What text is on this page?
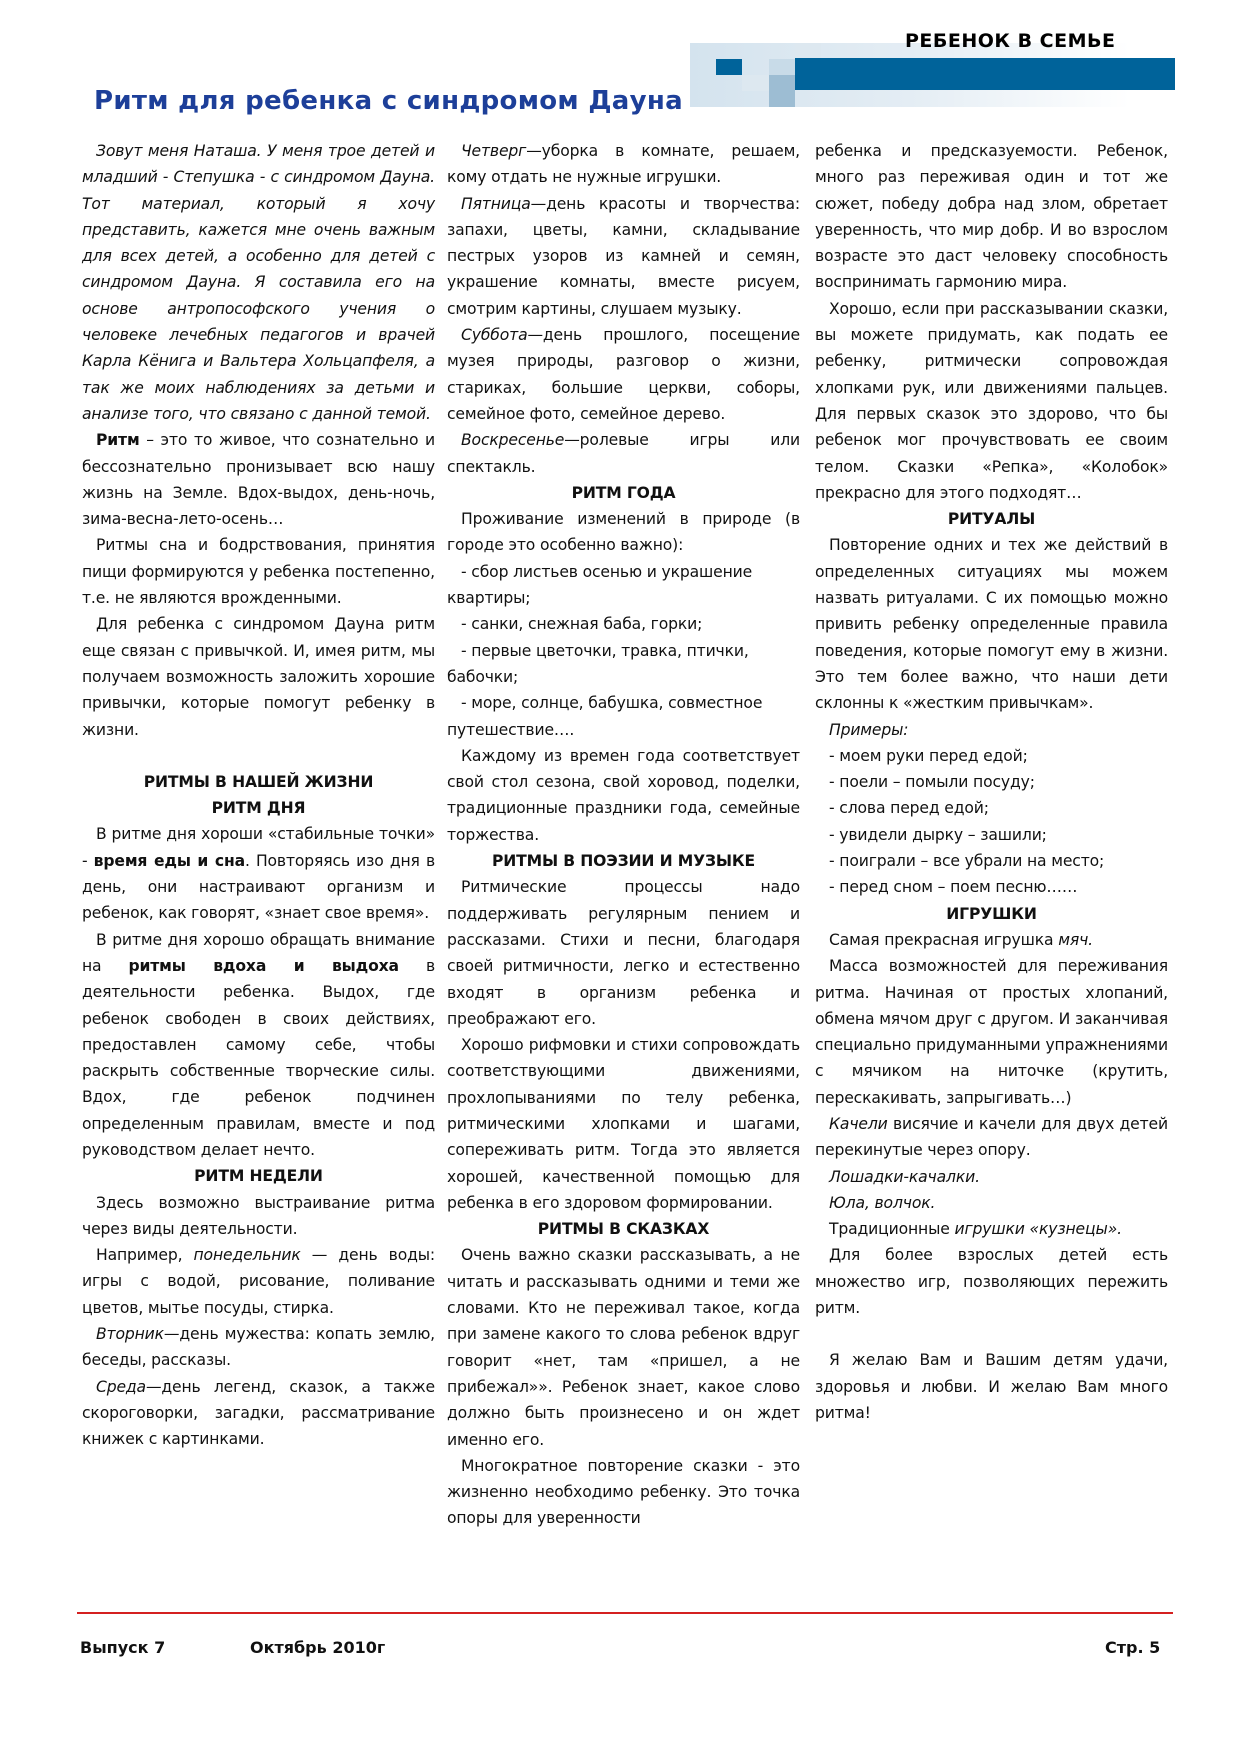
РЕБЕНОК В СЕМЬЕ
Ритм для ребенка с синдромом Дауна
Зовут меня Наташа. У меня трое детей и младший - Степушка - с синдромом Дауна. Тот материал, который я хочу представить, кажется мне очень важным для всех детей, а особенно для детей с синдромом Дауна. Я составила его на основе антропософского учения о человеке лечебных педагогов и врачей Карла Кёнига и Вальтера Хольцапфеля, а так же моих наблюдениях за детьми и анализе того, что связано с данной темой.
Ритм – это то живое, что сознательно и бессознательно пронизывает всю нашу жизнь на Земле. Вдох-выдох, день-ночь, зима-весна-лето-осень…
Ритмы сна и бодрствования, принятия пищи формируются у ребенка постепенно, т.е. не являются врожденными.
Для ребенка с синдромом Дауна ритм еще связан с привычкой. И, имея ритм, мы получаем возможность заложить хорошие привычки, которые помогут ребенку в жизни.
РИТМЫ В НАШЕЙ ЖИЗНИ
РИТМ ДНЯ
В ритме дня хороши «стабильные точки» - время еды и сна. Повторяясь изо дня в день, они настраивают организм и ребенок, как говорят, «знает свое время».
В ритме дня хорошо обращать внимание на ритмы вдоха и выдоха в деятельности ребенка. Выдох, где ребенок свободен в своих действиях, предоставлен самому себе, чтобы раскрыть собственные творческие силы. Вдох, где ребенок подчинен определенным правилам, вместе и под руководством делает нечто.
РИТМ НЕДЕЛИ
Здесь возможно выстраивание ритма через виды деятельности.
Например, понедельник — день воды: игры с водой, рисование, поливание цветов, мытье посуды, стирка.
Вторник—день мужества: копать землю, беседы, рассказы.
Среда—день легенд, сказок, а также скороговорки, загадки, рассматривание книжек с картинками.
Четверг—уборка в комнате, решаем, кому отдать не нужные игрушки.
Пятница—день красоты и творчества: запахи, цветы, камни, складывание пестрых узоров из камней и семян, украшение комнаты, вместе рисуем, смотрим картины, слушаем музыку.
Суббота—день прошлого, посещение музея природы, разговор о жизни, стариках, большие церкви, соборы, семейное фото, семейное дерево.
Воскресенье—ролевые игры или спектакль.
РИТМ ГОДА
Проживание изменений в природе (в городе это особенно важно):
- сбор листьев осенью и украшение квартиры;
- санки, снежная баба, горки;
- первые цветочки, травка, птички, бабочки;
- море, солнце, бабушка, совместное путешествие….
Каждому из времен года соответствует свой стол сезона, свой хоровод, поделки, традиционные праздники года, семейные торжества.
РИТМЫ В ПОЭЗИИ И МУЗЫКЕ
Ритмические процессы надо поддерживать регулярным пением и рассказами. Стихи и песни, благодаря своей ритмичности, легко и естественно входят в организм ребенка и преображают его.
Хорошо рифмовки и стихи сопровождать соответствующими движениями, прохлопываниями по телу ребенка, ритмическими хлопками и шагами, сопереживать ритм. Тогда это является хорошей, качественной помощью для ребенка в его здоровом формировании.
РИТМЫ В СКАЗКАХ
Очень важно сказки рассказывать, а не читать и рассказывать одними и теми же словами. Кто не переживал такое, когда при замене какого то слова ребенок вдруг говорит «нет, там «пришел, а не прибежал»». Ребенок знает, какое слово должно быть произнесено и он ждет именно его.
Многократное повторение сказки - это жизненно необходимо ребенку. Это точка опоры для уверенности
ребенка и предсказуемости. Ребенок, много раз переживая один и тот же сюжет, победу добра над злом, обретает уверенность, что мир добр. И во взрослом возрасте это даст человеку способность воспринимать гармонию мира.
Хорошо, если при рассказывании сказки, вы можете придумать, как подать ее ребенку, ритмически сопровождая хлопками рук, или движениями пальцев. Для первых сказок это здорово, что бы ребенок мог прочувствовать ее своим телом. Сказки «Репка», «Колобок» прекрасно для этого подходят…
РИТУАЛЫ
Повторение одних и тех же действий в определенных ситуациях мы можем назвать ритуалами. С их помощью можно привить ребенку определенные правила поведения, которые помогут ему в жизни. Это тем более важно, что наши дети склонны к «жестким привычкам».
Примеры:
- моем руки перед едой;
- поели – помыли посуду;
- слова перед едой;
- увидели дырку – зашили;
- поиграли – все убрали на место;
- перед сном – поем песню……
ИГРУШКИ
Самая прекрасная игрушка мяч.
Масса возможностей для переживания ритма. Начиная от простых хлопаний, обмена мячом друг с другом. И заканчивая специально придуманными упражнениями с мячиком на ниточке (крутить, перескакивать, запрыгивать…)
Качели висячие и качели для двух детей перекинутые через опору.
Лошадки-качалки.
Юла, волчок.
Традиционные игрушки «кузнецы».
Для более взрослых детей есть множество игр, позволяющих пережить ритм.
Я желаю Вам и Вашим детям удачи, здоровья и любви. И желаю Вам много ритма!
Выпуск 7	Октябрь 2010г	Стр. 5
